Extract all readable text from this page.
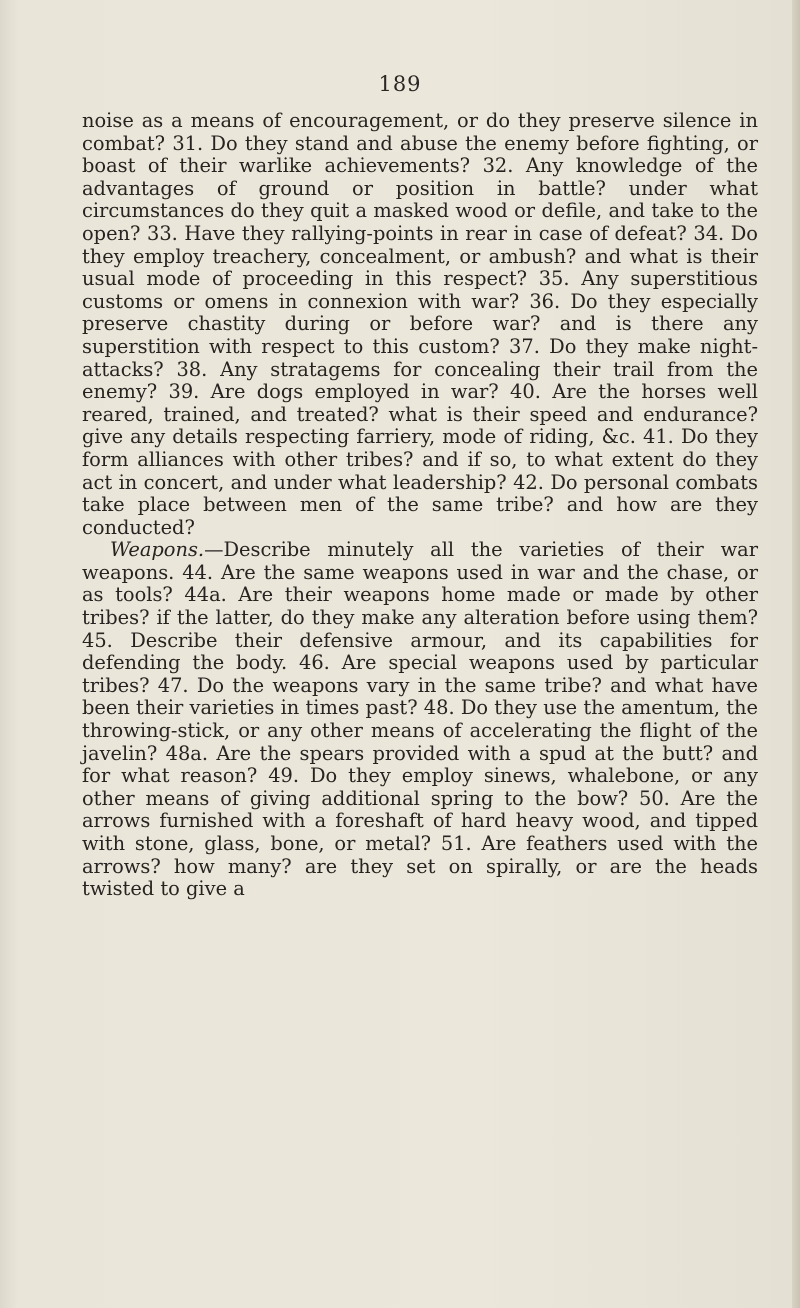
189

noise as a means of encouragement, or do they preserve silence in combat? 31. Do they stand and abuse the enemy before fighting, or boast of their warlike achievements? 32. Any knowledge of the advantages of ground or position in battle? under what circumstances do they quit a masked wood or defile, and take to the open? 33. Have they rallying-points in rear in case of defeat? 34. Do they employ treachery, concealment, or ambush? and what is their usual mode of proceeding in this respect? 35. Any superstitious customs or omens in connexion with war? 36. Do they especially preserve chastity during or before war? and is there any superstition with respect to this custom? 37. Do they make night-attacks? 38. Any stratagems for concealing their trail from the enemy? 39. Are dogs employed in war? 40. Are the horses well reared, trained, and treated? what is their speed and endurance? give any details respecting farriery, mode of riding, &c. 41. Do they form alliances with other tribes? and if so, to what extent do they act in concert, and under what leadership? 42. Do personal combats take place between men of the same tribe? and how are they conducted?

Weapons.—Describe minutely all the varieties of their war weapons. 44. Are the same weapons used in war and the chase, or as tools? 44a. Are their weapons home made or made by other tribes? if the latter, do they make any alteration before using them? 45. Describe their defensive armour, and its capabilities for defending the body. 46. Are special weapons used by particular tribes? 47. Do the weapons vary in the same tribe? and what have been their varieties in times past? 48. Do they use the amentum, the throwing-stick, or any other means of accelerating the flight of the javelin? 48a. Are the spears provided with a spud at the butt? and for what reason? 49. Do they employ sinews, whalebone, or any other means of giving additional spring to the bow? 50. Are the arrows furnished with a foreshaft of hard heavy wood, and tipped with stone, glass, bone, or metal? 51. Are feathers used with the arrows? how many? are they set on spirally, or are the heads twisted to give a
